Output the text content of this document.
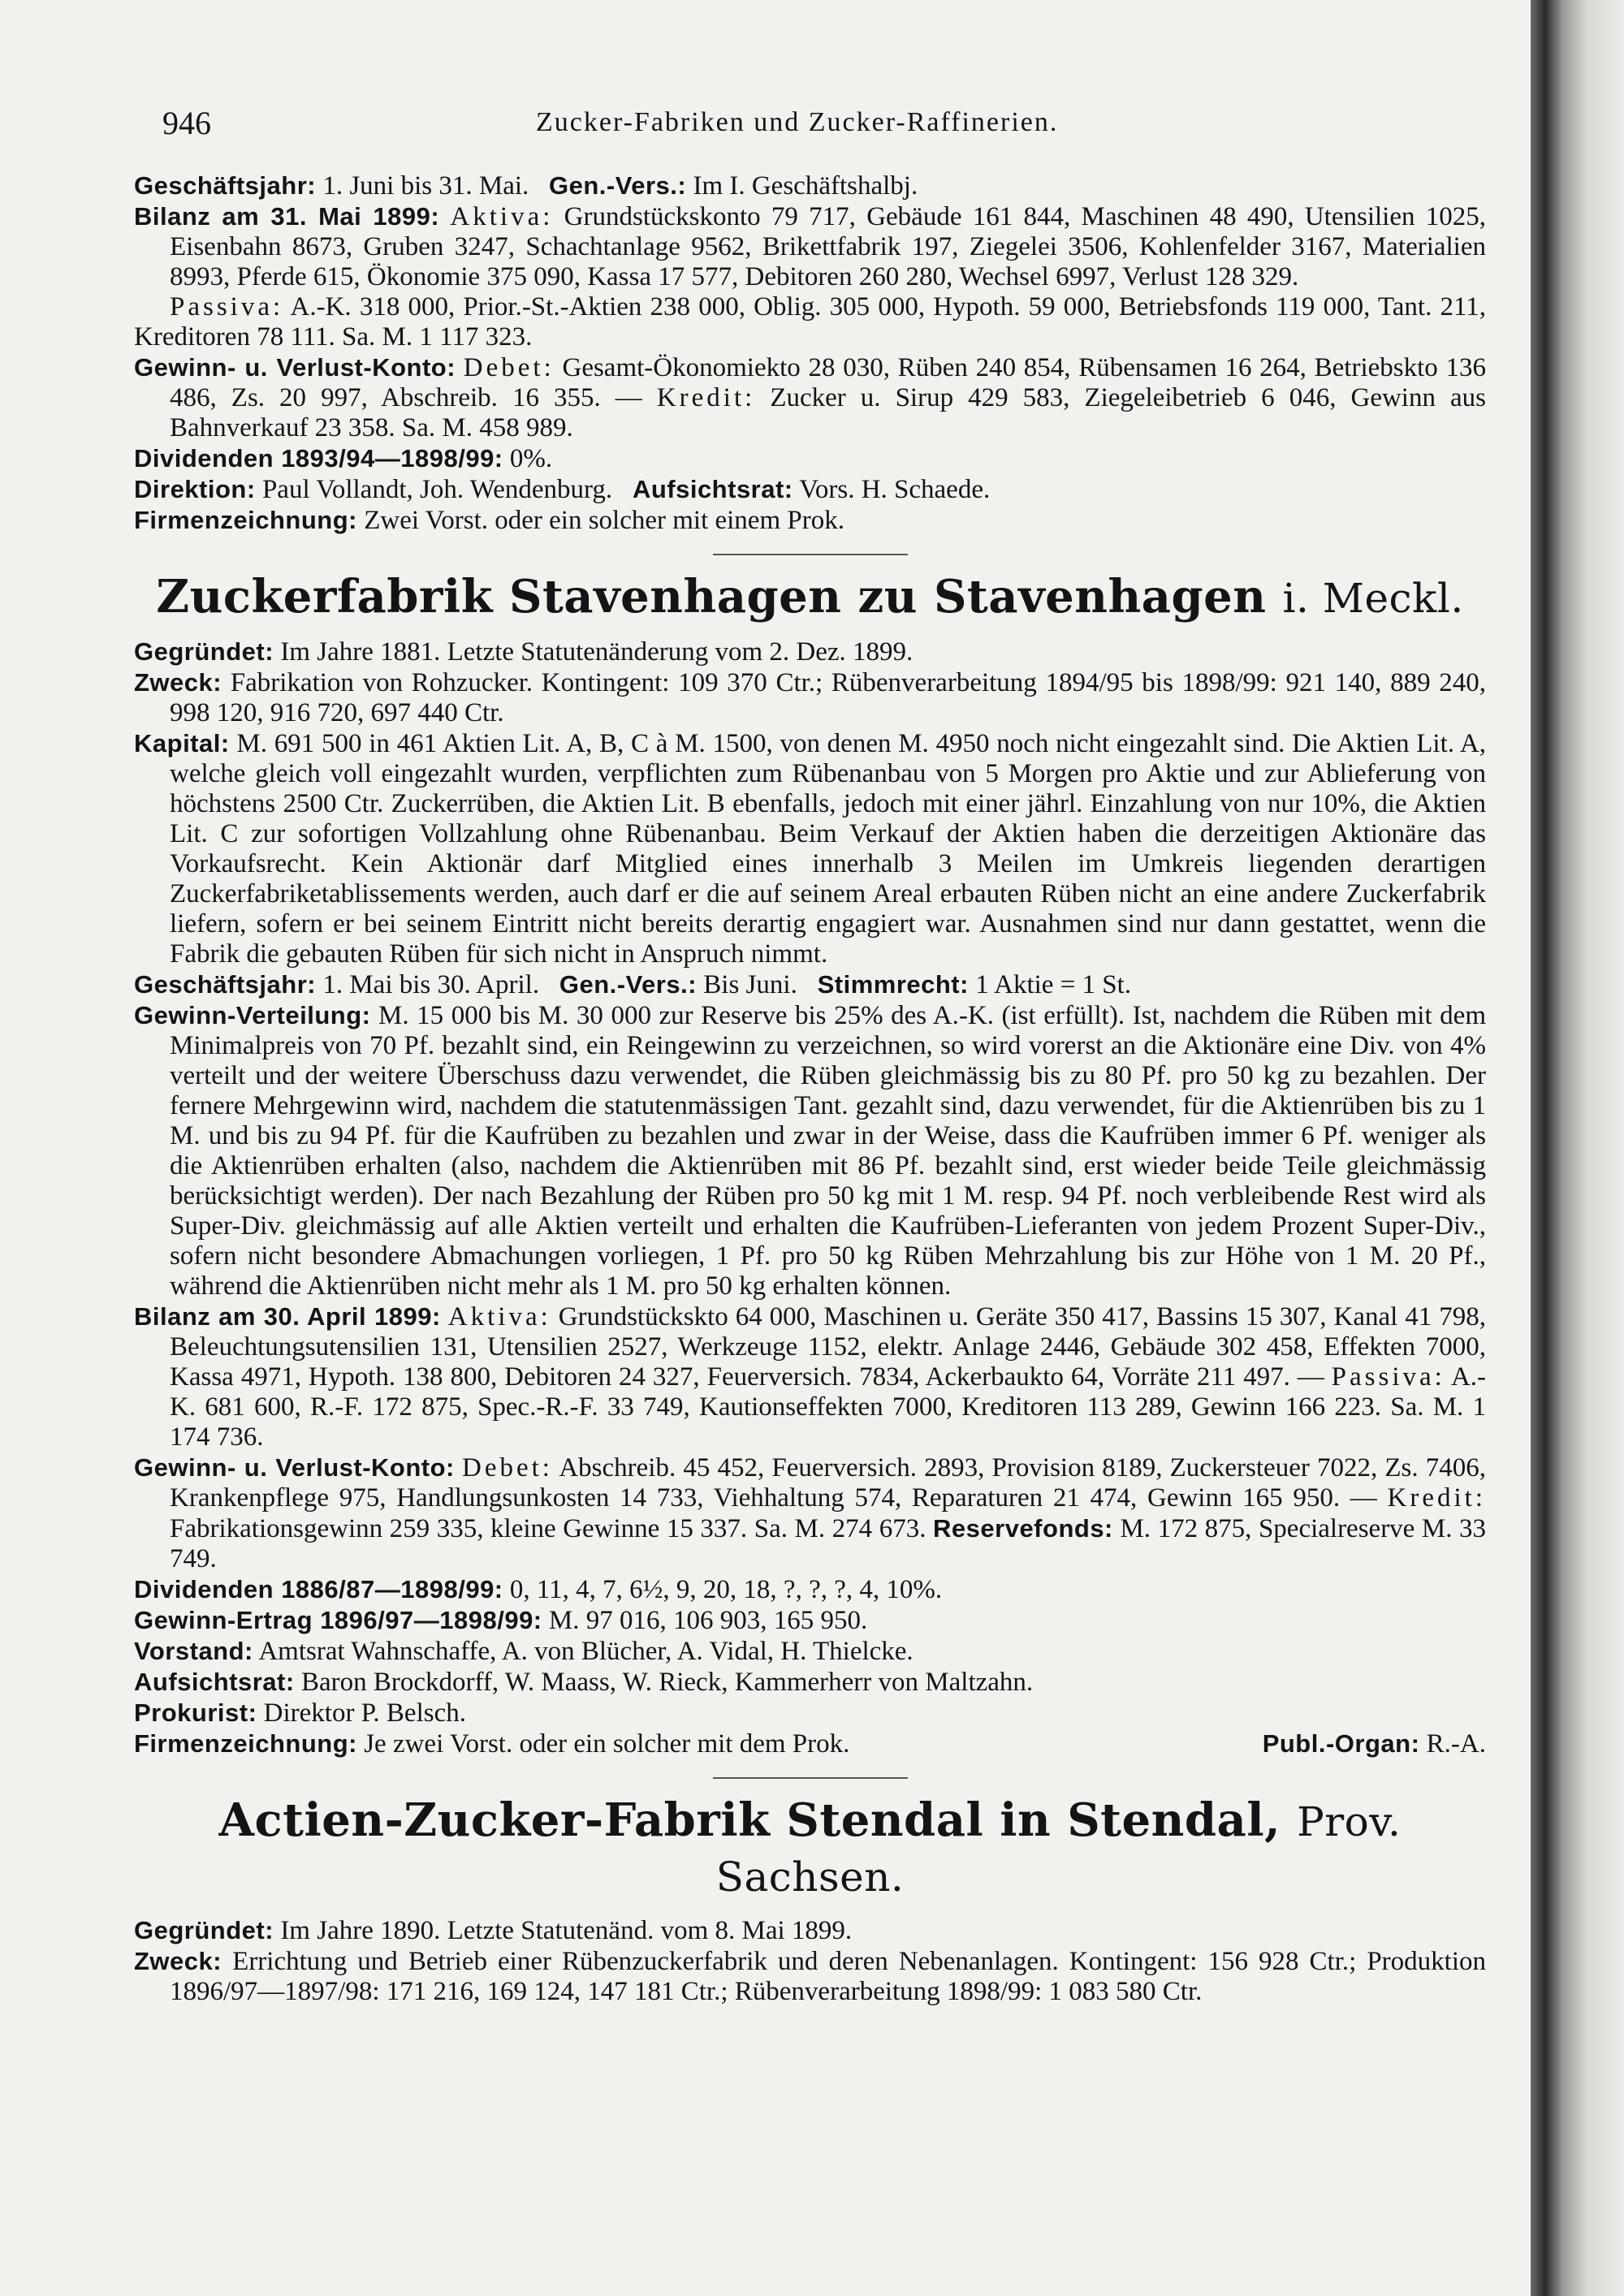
946	Zucker-Fabriken und Zucker-Raffinerien.

Geschäftsjahr: 1. Juni bis 31. Mai. Gen.-Vers.: Im I. Geschäftshalbj.

Bilanz am 31. Mai 1899: Aktiva: Grundstückskonto 79 717, Gebäude 161 844, Maschinen 48 490, Utensilien 1025, Eisenbahn 8673, Gruben 3247, Schachtanlage 9562, Brikettfabrik 197, Ziegelei 3506, Kohlenfelder 3167, Materialien 8993, Pferde 615, Ökonomie 375 090, Kassa 17 577, Debitoren 260 280, Wechsel 6997, Verlust 128 329.

Passiva: A.-K. 318 000, Prior.-St.-Aktien 238 000, Oblig. 305 000, Hypoth. 59 000, Betriebsfonds 119 000, Tant. 211, Kreditoren 78 111. Sa. M. 1 117 323.

Gewinn- u. Verlust-Konto: Debet: Gesamt-Ökonomiekto 28 030, Rüben 240 854, Rübensamen 16 264, Betriebskto 136 486, Zs. 20 997, Abschreib. 16 355. — Kredit: Zucker u. Sirup 429 583, Ziegeleibetrieb 6 046, Gewinn aus Bahnverkauf 23 358. Sa. M. 458 989.

Dividenden 1893/94—1898/99: 0%.

Direktion: Paul Vollandt, Joh. Wendenburg. Aufsichtsrat: Vors. H. Schaede.

Firmenzeichnung: Zwei Vorst. oder ein solcher mit einem Prok.

Zuckerfabrik Stavenhagen zu Stavenhagen i. Meckl.

Gegründet: Im Jahre 1881. Letzte Statutenänderung vom 2. Dez. 1899.

Zweck: Fabrikation von Rohzucker. Kontingent: 109 370 Ctr.; Rübenverarbeitung 1894/95 bis 1898/99: 921 140, 889 240, 998 120, 916 720, 697 440 Ctr.

Kapital: M. 691 500 in 461 Aktien Lit. A, B, C à M. 1500, von denen M. 4950 noch nicht eingezahlt sind. Die Aktien Lit. A, welche gleich voll eingezahlt wurden, verpflichten zum Rübenanbau von 5 Morgen pro Aktie und zur Ablieferung von höchstens 2500 Ctr. Zuckerrüben, die Aktien Lit. B ebenfalls, jedoch mit einer jährl. Einzahlung von nur 10%, die Aktien Lit. C zur sofortigen Vollzahlung ohne Rübenanbau. Beim Verkauf der Aktien haben die derzeitigen Aktionäre das Vorkaufsrecht. Kein Aktionär darf Mitglied eines innerhalb 3 Meilen im Umkreis liegenden derartigen Zuckerfabriketablissements werden, auch darf er die auf seinem Areal erbauten Rüben nicht an eine andere Zuckerfabrik liefern, sofern er bei seinem Eintritt nicht bereits derartig engagiert war. Ausnahmen sind nur dann gestattet, wenn die Fabrik die gebauten Rüben für sich nicht in Anspruch nimmt.

Geschäftsjahr: 1. Mai bis 30. April. Gen.-Vers.: Bis Juni. Stimmrecht: 1 Aktie = 1 St.

Gewinn-Verteilung: M. 15 000 bis M. 30 000 zur Reserve bis 25% des A.-K. (ist erfüllt). Ist, nachdem die Rüben mit dem Minimalpreis von 70 Pf. bezahlt sind, ein Reingewinn zu verzeichnen, so wird vorerst an die Aktionäre eine Div. von 4% verteilt und der weitere Überschuss dazu verwendet, die Rüben gleichmässig bis zu 80 Pf. pro 50 kg zu bezahlen. Der fernere Mehrgewinn wird, nachdem die statutenmässigen Tant. gezahlt sind, dazu verwendet, für die Aktienrüben bis zu 1 M. und bis zu 94 Pf. für die Kaufrüben zu bezahlen und zwar in der Weise, dass die Kaufrüben immer 6 Pf. weniger als die Aktienrüben erhalten (also, nachdem die Aktienrüben mit 86 Pf. bezahlt sind, erst wieder beide Teile gleichmässig berücksichtigt werden). Der nach Bezahlung der Rüben pro 50 kg mit 1 M. resp. 94 Pf. noch verbleibende Rest wird als Super-Div. gleichmässig auf alle Aktien verteilt und erhalten die Kaufrüben-Lieferanten von jedem Prozent Super-Div., sofern nicht besondere Abmachungen vorliegen, 1 Pf. pro 50 kg Rüben Mehrzahlung bis zur Höhe von 1 M. 20 Pf., während die Aktienrüben nicht mehr als 1 M. pro 50 kg erhalten können.

Bilanz am 30. April 1899: Aktiva: Grundstückskto 64 000, Maschinen u. Geräte 350 417, Bassins 15 307, Kanal 41 798, Beleuchtungsutensilien 131, Utensilien 2527, Werkzeuge 1152, elektr. Anlage 2446, Gebäude 302 458, Effekten 7000, Kassa 4971, Hypoth. 138 800, Debitoren 24 327, Feuerversich. 7834, Ackerbaukto 64, Vorräte 211 497. — Passiva: A.-K. 681 600, R.-F. 172 875, Spec.-R.-F. 33 749, Kautionseffekten 7000, Kreditoren 113 289, Gewinn 166 223. Sa. M. 1 174 736.

Gewinn- u. Verlust-Konto: Debet: Abschreib. 45 452, Feuerversich. 2893, Provision 8189, Zuckersteuer 7022, Zs. 7406, Krankenpflege 975, Handlungsunkosten 14 733, Viehhaltung 574, Reparaturen 21 474, Gewinn 165 950. — Kredit: Fabrikationsgewinn 259 335, kleine Gewinne 15 337. Sa. M. 274 673. Reservefonds: M. 172 875, Specialreserve M. 33 749.

Dividenden 1886/87—1898/99: 0, 11, 4, 7, 6½, 9, 20, 18, ?, ?, ?, 4, 10%.

Gewinn-Ertrag 1896/97—1898/99: M. 97 016, 106 903, 165 950.

Vorstand: Amtsrat Wahnschaffe, A. von Blücher, A. Vidal, H. Thielcke.

Aufsichtsrat: Baron Brockdorff, W. Maass, W. Rieck, Kammerherr von Maltzahn.

Prokurist: Direktor P. Belsch.

Firmenzeichnung: Je zwei Vorst. oder ein solcher mit dem Prok.	Publ.-Organ: R.-A.

Actien-Zucker-Fabrik Stendal in Stendal, Prov. Sachsen.

Gegründet: Im Jahre 1890. Letzte Statutenänd. vom 8. Mai 1899.

Zweck: Errichtung und Betrieb einer Rübenzuckerfabrik und deren Nebenanlagen. Kontingent: 156 928 Ctr.; Produktion 1896/97—1897/98: 171 216, 169 124, 147 181 Ctr.; Rübenverarbeitung 1898/99: 1 083 580 Ctr.
